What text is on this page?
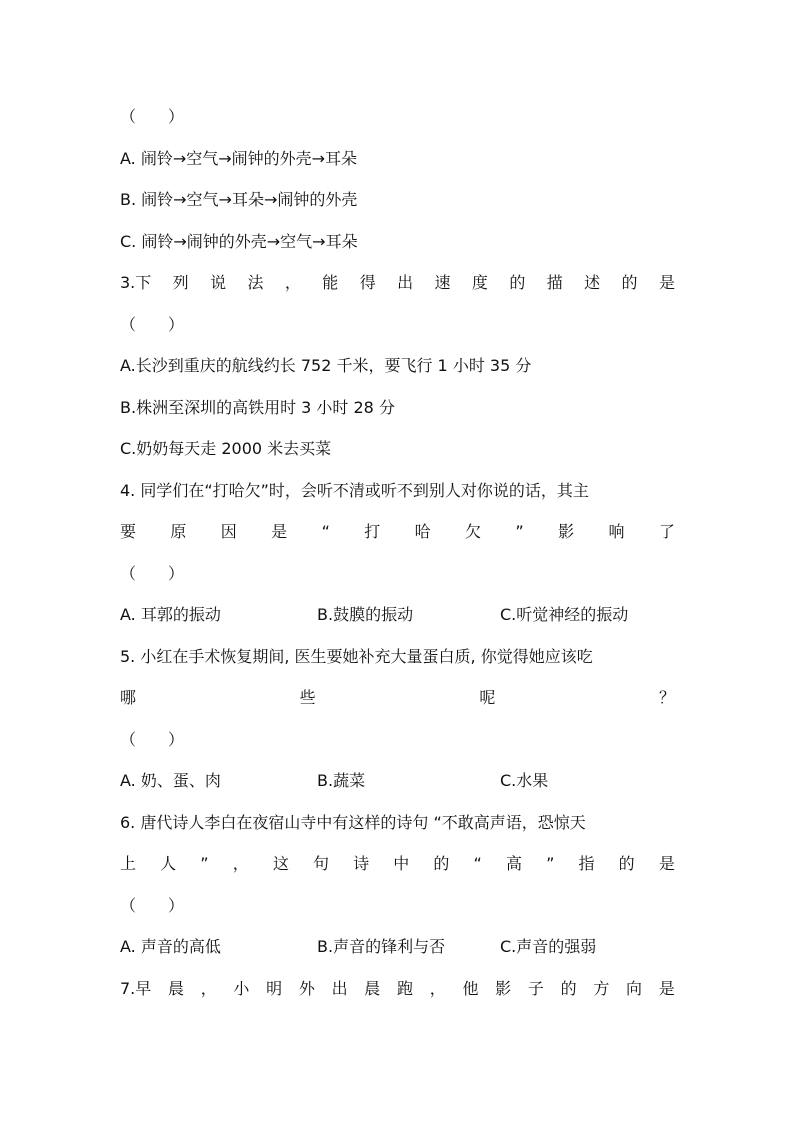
（　　）
A. 闹铃→空气→闹钟的外壳→耳朵
B. 闹铃→空气→耳朵→闹钟的外壳
C. 闹铃→闹钟的外壳→空气→耳朵
3.下 列 说 法 ， 能 得 出 速 度 的 描 述 的 是
（　　）
A.长沙到重庆的航线约长 752 千米，要飞行 1 小时 35 分
B.株洲至深圳的高铁用时 3 小时 28 分
C.奶奶每天走 2000 米去买菜
4. 同学们在“打哈欠”时，会听不清或听不到别人对你说的话，其主
要 原 因 是 “ 打 哈 欠 ” 影 响 了
（　　）
A. 耳郭的振动	B.鼓膜的振动	C.听觉神经的振动
5. 小红在手术恢复期间, 医生要她补充大量蛋白质, 你觉得她应该吃
哪	些	呢	？
（　　）
A. 奶、蛋、肉	B.蔬菜	C.水果
6. 唐代诗人李白在夜宿山寺中有这样的诗句 “不敢高声语，恐惊天
上 人 ” ， 这 句 诗 中 的 “ 高 ” 指 的 是
（　　）
A. 声音的高低	B.声音的锋利与否	C.声音的强弱
7.早 晨 ， 小 明 外 出 晨 跑 ， 他 影 子 的 方 向 是
